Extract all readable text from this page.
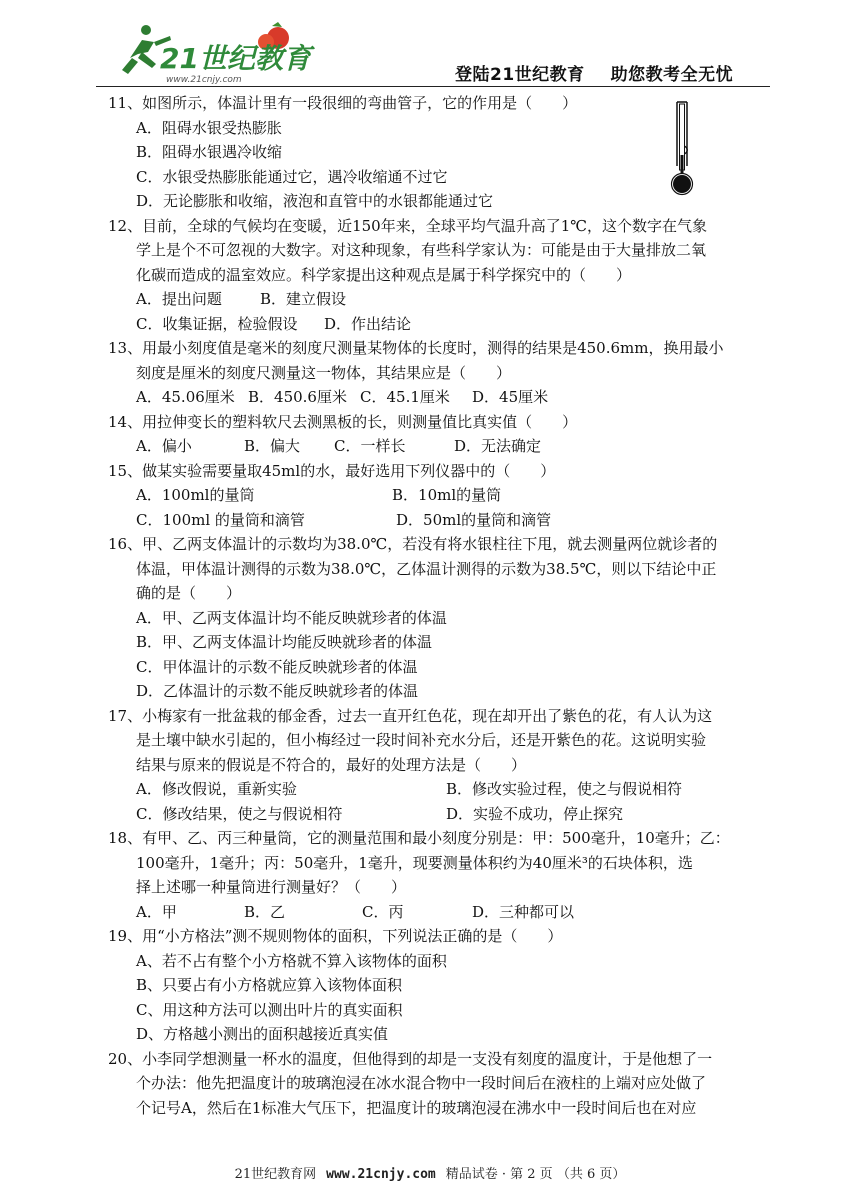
21世纪教育
www.21cnjy.com	登陆21世纪教育 助您教考全无忧
11、如图所示，体温计里有一段很细的弯曲管子，它的作用是（　　）
A．阻碍水银受热膨胀
B．阻碍水银遇冷收缩
C．水银受热膨胀能通过它，遇冷收缩通不过它
D．无论膨胀和收缩，液泡和直管中的水银都能通过它
12、目前，全球的气候均在变暖，近150年来，全球平均气温升高了1℃，这个数字在气象
学上是个不可忽视的大数字。对这种现象，有些科学家认为：可能是由于大量排放二氧
化碳而造成的温室效应。科学家提出这种观点是属于科学探究中的（　　）
A．提出问题	B．建立假设
C．收集证据，检验假设 D．作出结论
13、用最小刻度值是毫米的刻度尺测量某物体的长度时，测得的结果是450.6mm，换用最小
刻度是厘米的刻度尺测量这一物体，其结果应是（　　）
A．45.06厘米 B．450.6厘米 C．45.1厘米 D．45厘米
14、用拉伸变长的塑料软尺去测黑板的长，则测量值比真实值（　　）
A．偏小	B．偏大 C．一样长	D．无法确定
15、做某实验需要量取45ml的水，最好选用下列仪器中的（　　）
A．100ml的量筒	B．10ml的量筒
C．100ml 的量筒和滴管	D．50ml的量筒和滴管
16、甲、乙两支体温计的示数均为38.0℃，若没有将水银柱往下甩，就去测量两位就诊者的
体温，甲体温计测得的示数为38.0℃，乙体温计测得的示数为38.5℃，则以下结论中正
确的是（　　）
A．甲、乙两支体温计均不能反映就珍者的体温
B．甲、乙两支体温计均能反映就珍者的体温
C．甲体温计的示数不能反映就珍者的体温
D．乙体温计的示数不能反映就珍者的体温
17、小梅家有一批盆栽的郁金香，过去一直开红色花，现在却开出了紫色的花，有人认为这
是土壤中缺水引起的，但小梅经过一段时间补充水分后，还是开紫色的花。这说明实验
结果与原来的假说是不符合的，最好的处理方法是（　　）
A．修改假说，重新实验	B．修改实验过程，使之与假说相符
C．修改结果，使之与假说相符	D．实验不成功，停止探究
18、有甲、乙、丙三种量筒，它的测量范围和最小刻度分别是：甲：500毫升，10毫升；乙：
100毫升，1毫升；丙：50毫升，1毫升，现要测量体积约为40厘米³的石块体积，选
择上述哪一种量筒进行测量好？（　　）
A．甲	B．乙	C．丙	D．三种都可以
19、用“小方格法”测不规则物体的面积，下列说法正确的是（　　）
A、若不占有整个小方格就不算入该物体的面积
B、只要占有小方格就应算入该物体面积
C、用这种方法可以测出叶片的真实面积
D、方格越小测出的面积越接近真实值
20、小李同学想测量一杯水的温度，但他得到的却是一支没有刻度的温度计，于是他想了一
个办法：他先把温度计的玻璃泡浸在冰水混合物中一段时间后在液柱的上端对应处做了
个记号A，然后在1标准大气压下，把温度计的玻璃泡浸在沸水中一段时间后也在对应
21世纪教育网 www.21cnjy.com 精品试卷 · 第 2 页 （共 6 页）
